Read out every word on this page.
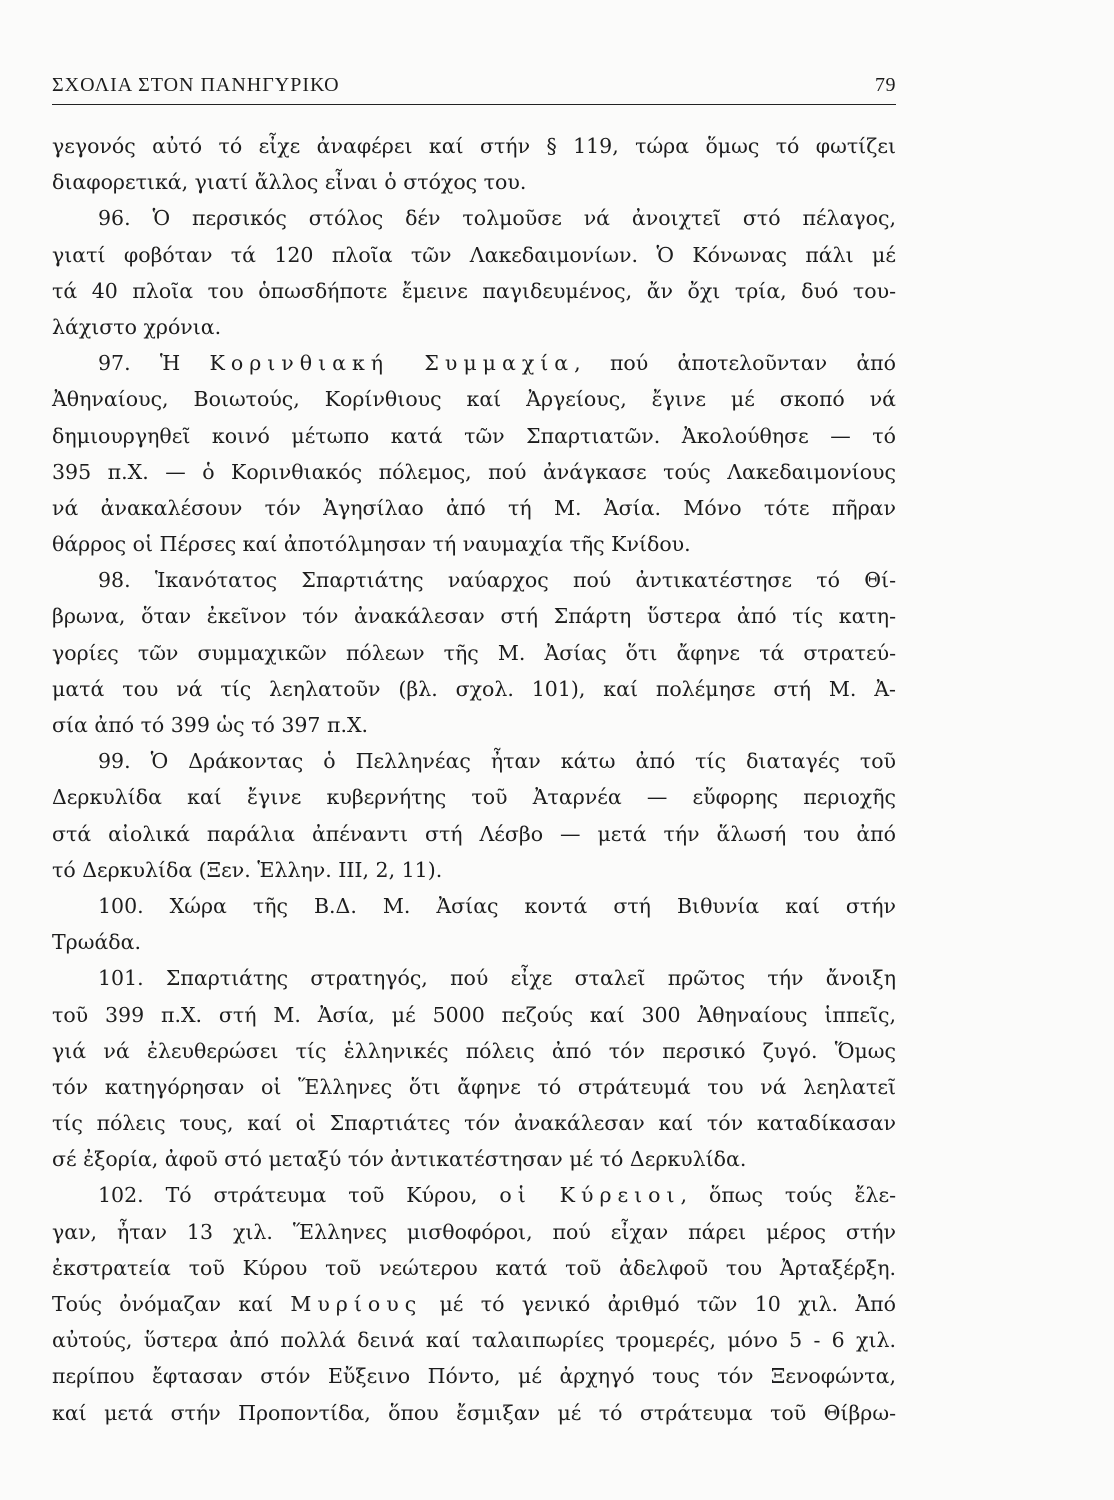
ΣΧΟΛΙΑ ΣΤΟΝ ΠΑΝΗΓΥΡΙΚΟ	79
γεγονός αὐτό τό εἶχε ἀναφέρει καί στήν § 119, τώρα ὅμως τό φωτίζει
διαφορετικά, γιατί ἄλλος εἶναι ὁ στόχος του.
96. Ὁ περσικός στόλος δέν τολμοῦσε νά ἀνοιχτεῖ στό πέλαγος,
γιατί φοβόταν τά 120 πλοῖα τῶν Λακεδαιμονίων. Ὁ Κόνωνας πάλι μέ
τά 40 πλοῖα του ὁπωσδήποτε ἔμεινε παγιδευμένος, ἄν ὄχι τρία, δυό του-
λάχιστο χρόνια.
97. Ἡ Κορινθιακή Συμμαχία, πού ἀποτελοῦνταν ἀπό
Ἀθηναίους, Βοιωτούς, Κορίνθιους καί Ἀργείους, ἔγινε μέ σκοπό νά
δημιουργηθεῖ κοινό μέτωπο κατά τῶν Σπαρτιατῶν. Ἀκολούθησε — τό
395 π.Χ. — ὁ Κορινθιακός πόλεμος, πού ἀνάγκασε τούς Λακεδαιμονίους
νά ἀνακαλέσουν τόν Ἀγησίλαο ἀπό τή Μ. Ἀσία. Μόνο τότε πῆραν
θάρρος οἱ Πέρσες καί ἀποτόλμησαν τή ναυμαχία τῆς Κνίδου.
98. Ἱκανότατος Σπαρτιάτης ναύαρχος πού ἀντικατέστησε τό Θί-
βρωνα, ὅταν ἐκεῖνον τόν ἀνακάλεσαν στή Σπάρτη ὕστερα ἀπό τίς κατη-
γορίες τῶν συμμαχικῶν πόλεων τῆς Μ. Ἀσίας ὅτι ἄφηνε τά στρατεύ-
ματά του νά τίς λεηλατοῦν (βλ. σχολ. 101), καί πολέμησε στή Μ. Ἀ-
σία ἀπό τό 399 ὡς τό 397 π.Χ.
99. Ὁ Δράκοντας ὁ Πελληνέας ἦταν κάτω ἀπό τίς διαταγές τοῦ
Δερκυλίδα καί ἔγινε κυβερνήτης τοῦ Ἀταρνέα — εὔφορης περιοχῆς
στά αἰολικά παράλια ἀπέναντι στή Λέσβο — μετά τήν ἅλωσή του ἀπό
τό Δερκυλίδα (Ξεν. Ἑλλην. ΙΙΙ, 2, 11).
100. Χώρα τῆς Β.Δ. Μ. Ἀσίας κοντά στή Βιθυνία καί στήν
Τρωάδα.
101. Σπαρτιάτης στρατηγός, πού εἶχε σταλεῖ πρῶτος τήν ἄνοιξη
τοῦ 399 π.Χ. στή Μ. Ἀσία, μέ 5000 πεζούς καί 300 Ἀθηναίους ἱππεῖς,
γιά νά ἐλευθερώσει τίς ἑλληνικές πόλεις ἀπό τόν περσικό ζυγό. Ὅμως
τόν κατηγόρησαν οἱ Ἕλληνες ὅτι ἄφηνε τό στράτευμά του νά λεηλατεῖ
τίς πόλεις τους, καί οἱ Σπαρτιάτες τόν ἀνακάλεσαν καί τόν καταδίκασαν
σέ ἐξορία, ἀφοῦ στό μεταξύ τόν ἀντικατέστησαν μέ τό Δερκυλίδα.
102. Τό στράτευμα τοῦ Κύρου, οἱ Κύρειοι, ὅπως τούς ἔλε-
γαν, ἦταν 13 χιλ. Ἕλληνες μισθοφόροι, πού εἶχαν πάρει μέρος στήν
ἐκστρατεία τοῦ Κύρου τοῦ νεώτερου κατά τοῦ ἀδελφοῦ του Ἀρταξέρξη.
Τούς ὀνόμαζαν καί Μυρίους μέ τό γενικό ἀριθμό τῶν 10 χιλ. Ἀπό
αὐτούς, ὕστερα ἀπό πολλά δεινά καί ταλαιπωρίες τρομερές, μόνο 5 - 6 χιλ.
περίπου ἔφτασαν στόν Εὔξεινο Πόντο, μέ ἀρχηγό τους τόν Ξενοφώντα,
καί μετά στήν Προποντίδα, ὅπου ἔσμιξαν μέ τό στράτευμα τοῦ Θίβρω-
